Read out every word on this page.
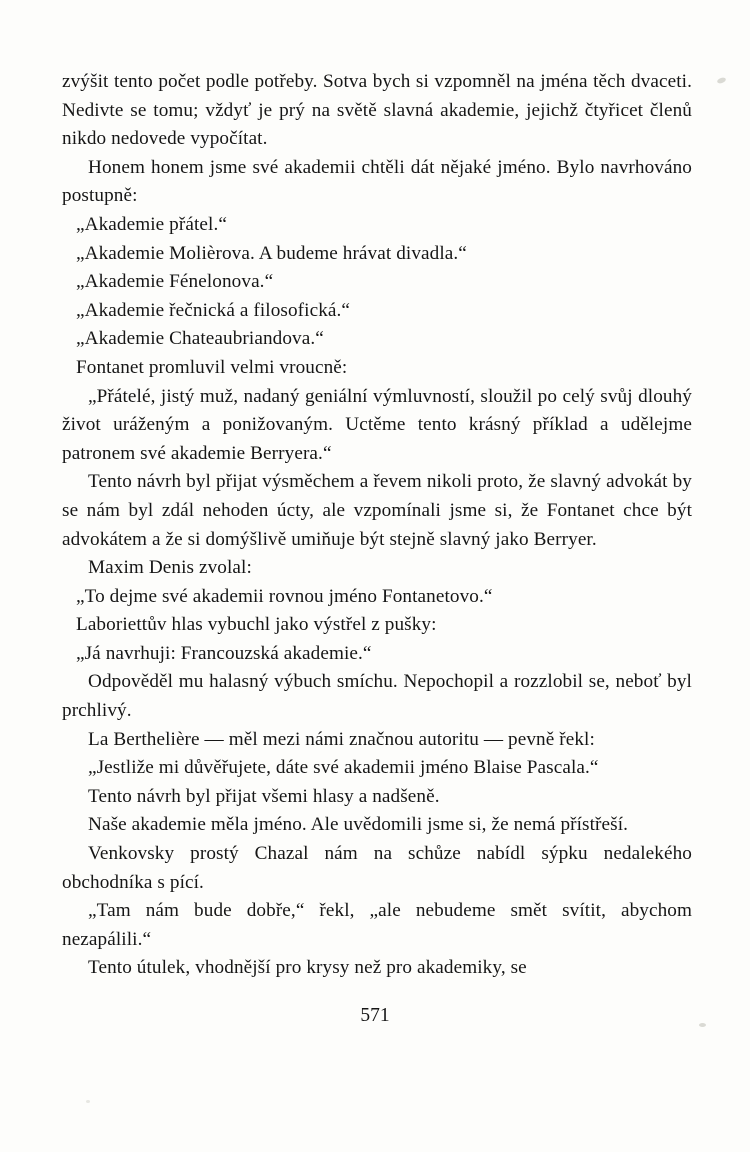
zvýšit tento počet podle potřeby. Sotva bych si vzpomněl na jména těch dvaceti. Nedivte se tomu; vždyť je prý na světě slavná akademie, jejichž čtyřicet členů nikdo nedovede vypočítat.

Honem honem jsme své akademii chtěli dát nějaké jméno. Bylo navrhováno postupně:

„Akademie přátel.“

„Akademie Molièrova. A budeme hrávat divadla.“

„Akademie Fénelonova.“

„Akademie řečnická a filosofická.“

„Akademie Chateaubriandova.“

Fontanet promluvil velmi vroucně:

„Přátelé, jistý muž, nadaný geniální výmluvností, sloužil po celý svůj dlouhý život uráženým a ponižovaným. Uctěme tento krásný příklad a udělejme patronem své akademie Berryera.“

Tento návrh byl přijat výsměchem a řevem nikoli proto, že slavný advokát by se nám byl zdál nehoden úcty, ale vzpomínali jsme si, že Fontanet chce být advokátem a že si domýšlivě umiňuje být stejně slavný jako Berryer.

Maxim Denis zvolal:

„To dejme své akademii rovnou jméno Fontanetovo.“

Laboriettův hlas vybuchl jako výstřel z pušky:

„Já navrhuji: Francouzská akademie.“

Odpověděl mu halasný výbuch smíchu. Nepochopil a rozzlobil se, neboť byl prchlivý.

La Berthelière — měl mezi námi značnou autoritu — pevně řekl:

„Jestliže mi důvěřujete, dáte své akademii jméno Blaise Pascala.“

Tento návrh byl přijat všemi hlasy a nadšeně.

Naše akademie měla jméno. Ale uvědomili jsme si, že nemá přístřeší.

Venkovsky prostý Chazal nám na schůze nabídl sýpku nedalekého obchodníka s pící.

„Tam nám bude dobře,“ řekl, „ale nebudeme smět svítit, abychom nezapálili.“

Tento útulek, vhodnější pro krysy než pro akademiky, se

571
